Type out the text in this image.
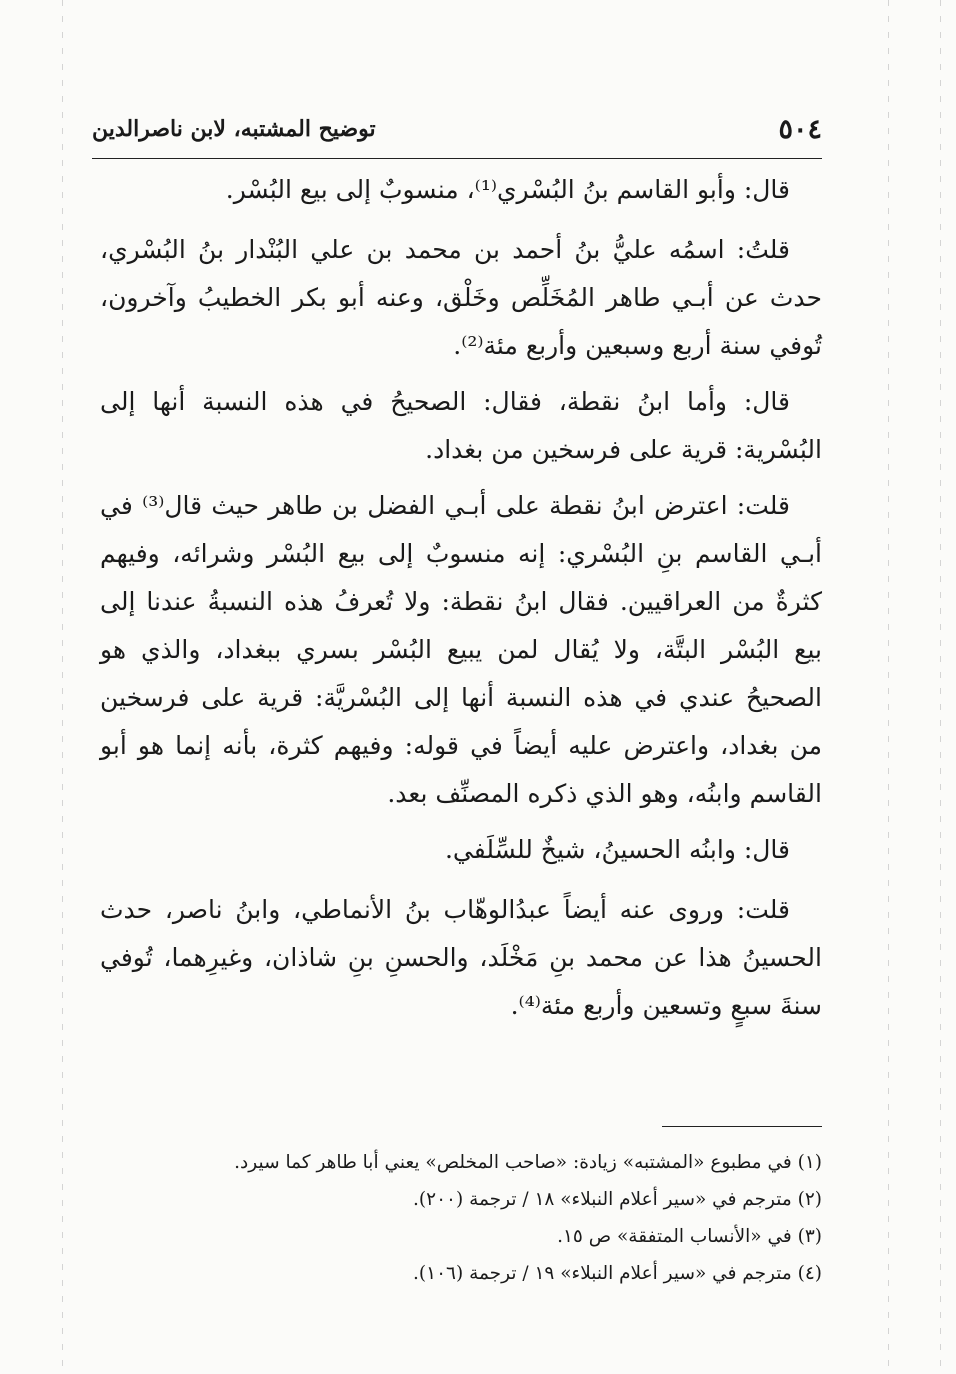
٥٠٤
توضيح المشتبه، لابن ناصرالدين

قال: وأبو القاسم بنُ البُسْري⁽¹⁾، منسوبٌ إلى بيع البُسْر.

قلتُ: اسمُه عليُّ بنُ أحمد بن محمد بن علي البُنْدار بنُ البُسْري، حدث عن أبـي طاهر المُخَلِّص وخَلْق، وعنه أبو بكر الخطيبُ وآخرون، تُوفي سنة أربع وسبعين وأربع مئة⁽²⁾.

قال: وأما ابنُ نقطة، فقال: الصحيحُ في هذه النسبة أنها إلى البُسْرية: قرية على فرسخين من بغداد.

قلت: اعترض ابنُ نقطة على أبـي الفضل بن طاهر حيث قال⁽³⁾ في أبـي القاسم بنِ البُسْري: إنه منسوبٌ إلى بيع البُسْر وشرائه، وفيهم كثرةٌ من العراقيين. فقال ابنُ نقطة: ولا تُعرفُ هذه النسبةُ عندنا إلى بيع البُسْر البتَّة، ولا يُقال لمن يبيع البُسْر بسري ببغداد، والذي هو الصحيحُ عندي في هذه النسبة أنها إلى البُسْريَّة: قرية على فرسخين من بغداد، واعترض عليه أيضاً في قوله: وفيهم كثرة، بأنه إنما هو أبو القاسم وابنُه، وهو الذي ذكره المصنِّف بعد.

قال: وابنُه الحسينُ، شيخٌ للسِّلَفي.

قلت: وروى عنه أيضاً عبدُالوهّاب بنُ الأنماطي، وابنُ ناصر، حدث الحسينُ هذا عن محمد بنِ مَخْلَد، والحسنِ بنِ شاذان، وغيرِهما، تُوفي سنةَ سبعٍ وتسعين وأربع مئة⁽⁴⁾.

(١) في مطبوع «المشتبه» زيادة: «صاحب المخلص» يعني أبا طاهر كما سيرد.
(٢) مترجم في «سير أعلام النبلاء» ١٨ / ترجمة (٢٠٠).
(٣) في «الأنساب المتفقة» ص ١٥.
(٤) مترجم في «سير أعلام النبلاء» ١٩ / ترجمة (١٠٦).
